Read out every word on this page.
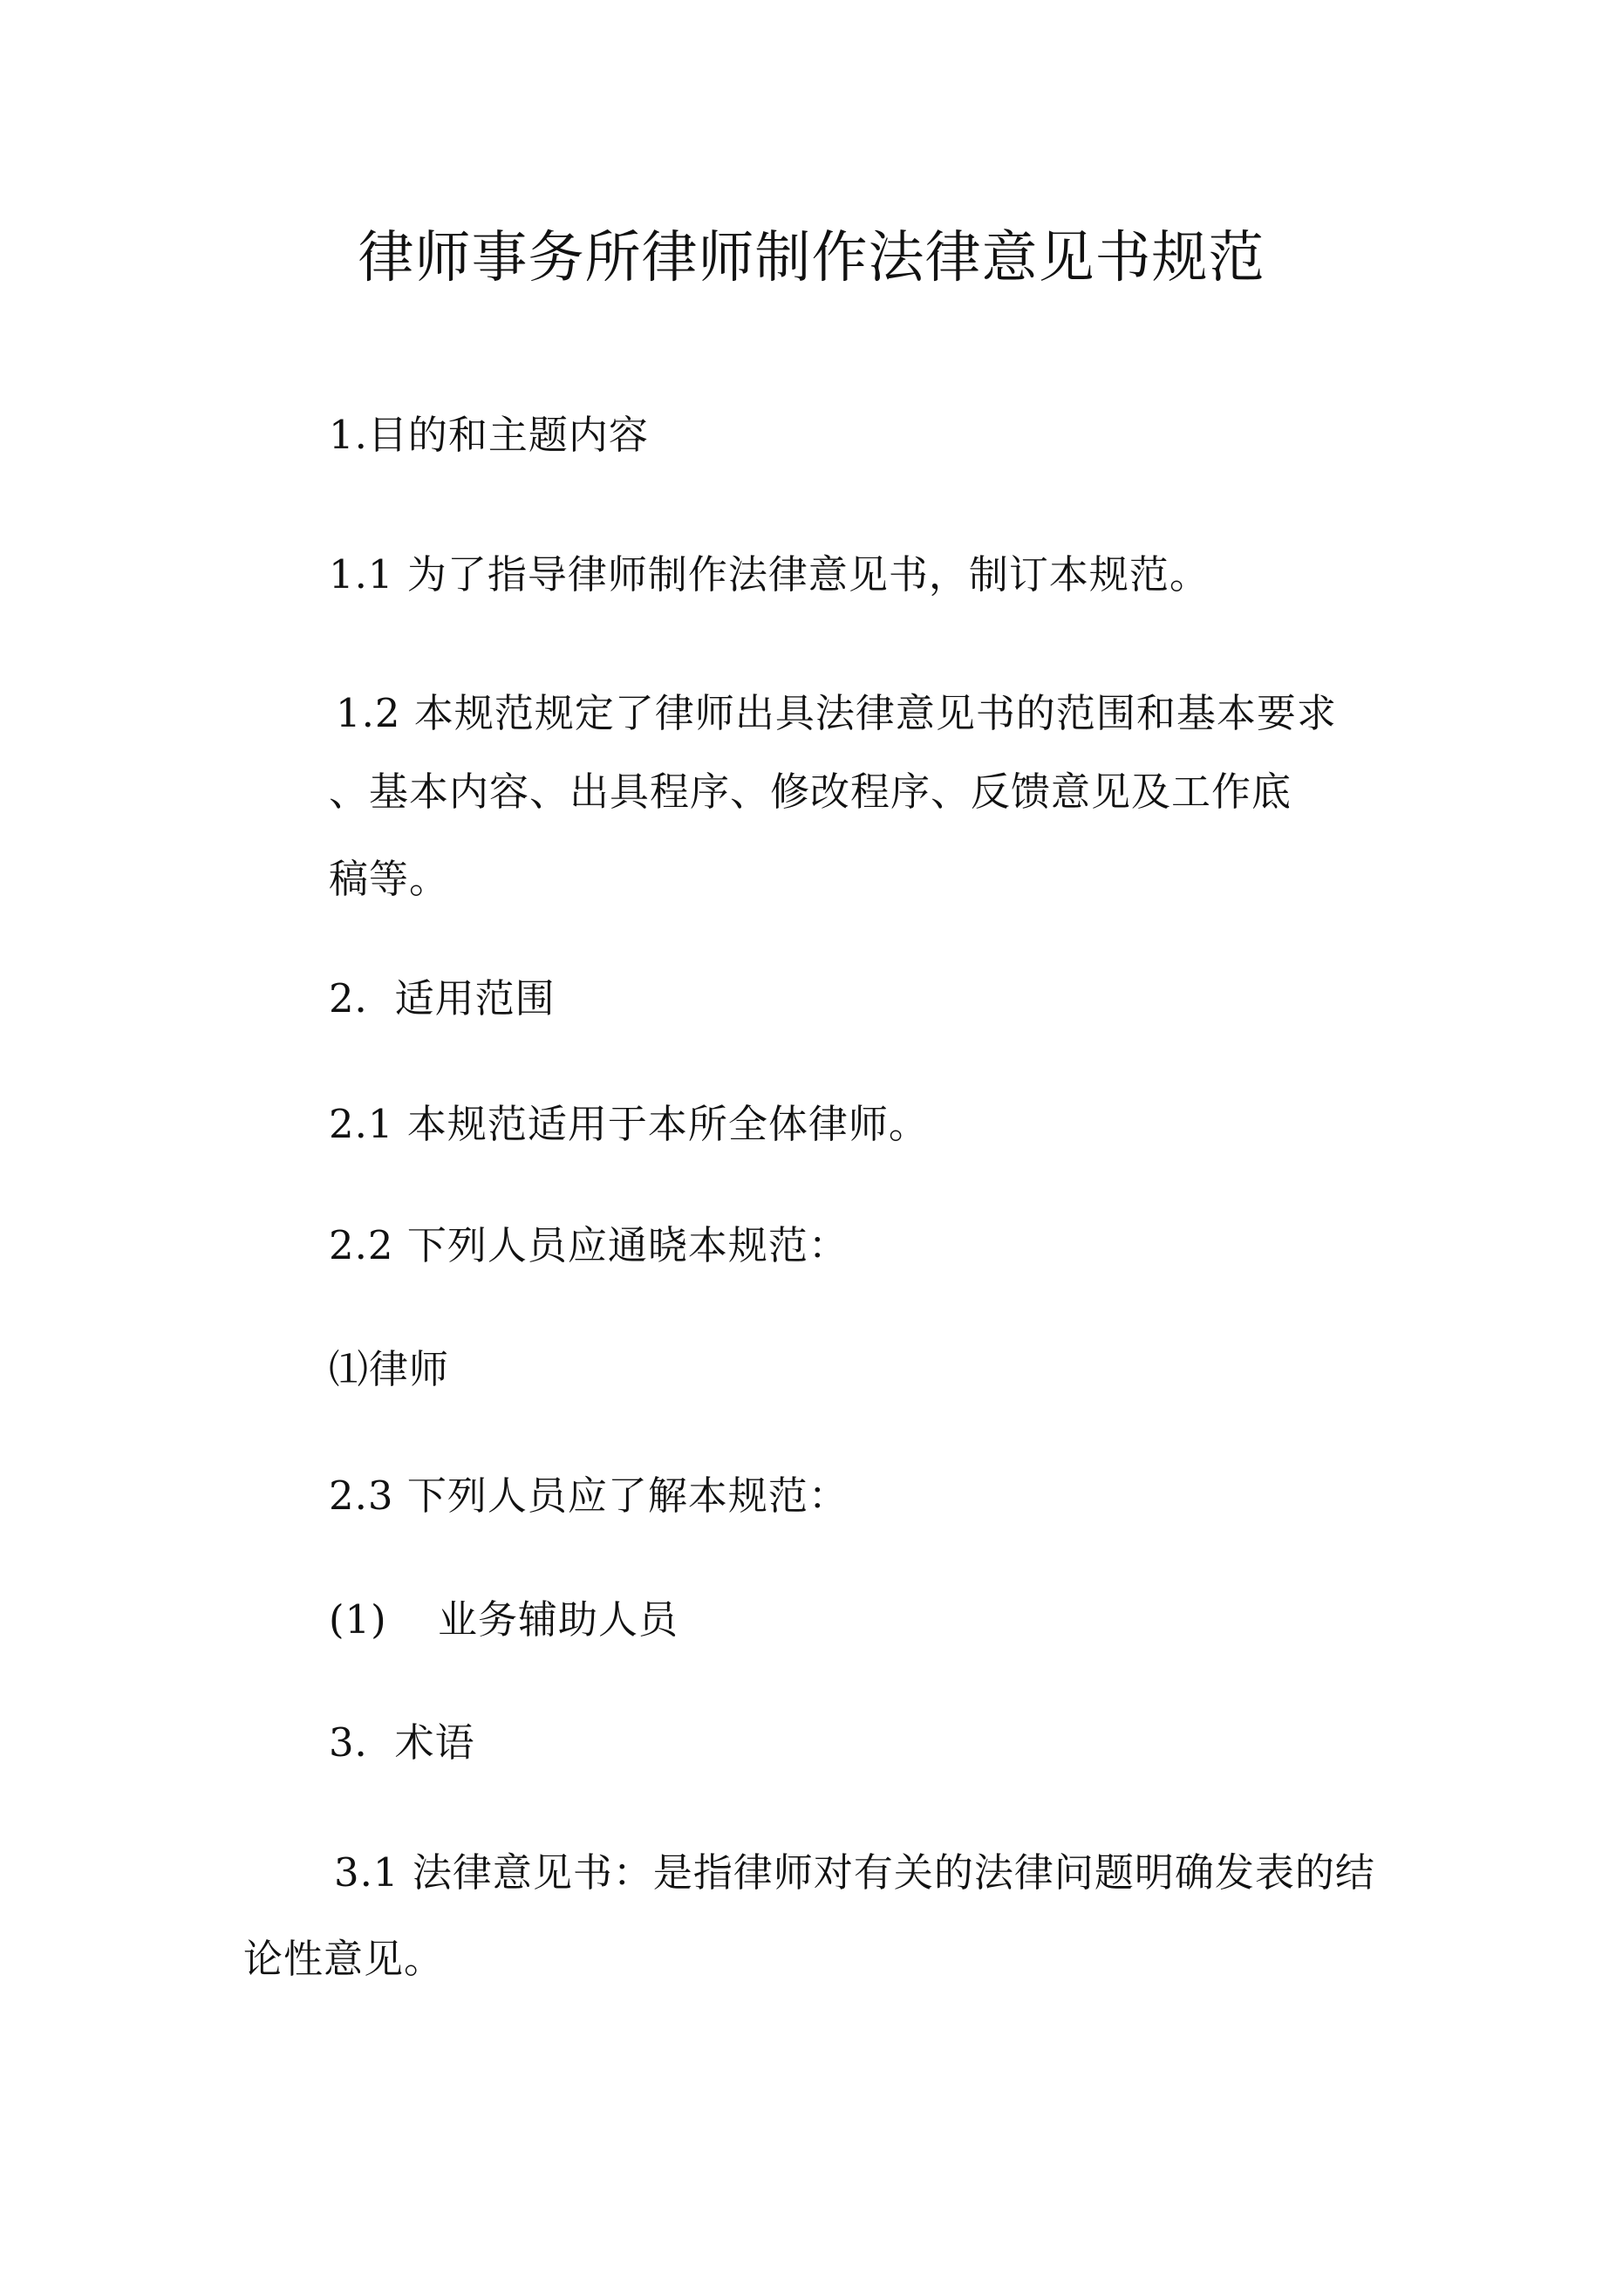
律师事务所律师制作法律意见书规范
1.目的和主题内容
1.1 为了指导律师制作法律意见书，制订本规范。
1.2 本规范规定了律师出具法律意见书的范围和基本要求
、基本内容、出具程序、修改程序、反馈意见及工作底
稿等。
2．适用范围
2.1 本规范适用于本所全体律师。
2.2 下列人员应通晓本规范：
⑴律师
2.3 下列人员应了解本规范：
(1) 业务辅助人员
3．术语
3.1 法律意见书：是指律师对有关的法律问题明确发表的结
论性意见。
